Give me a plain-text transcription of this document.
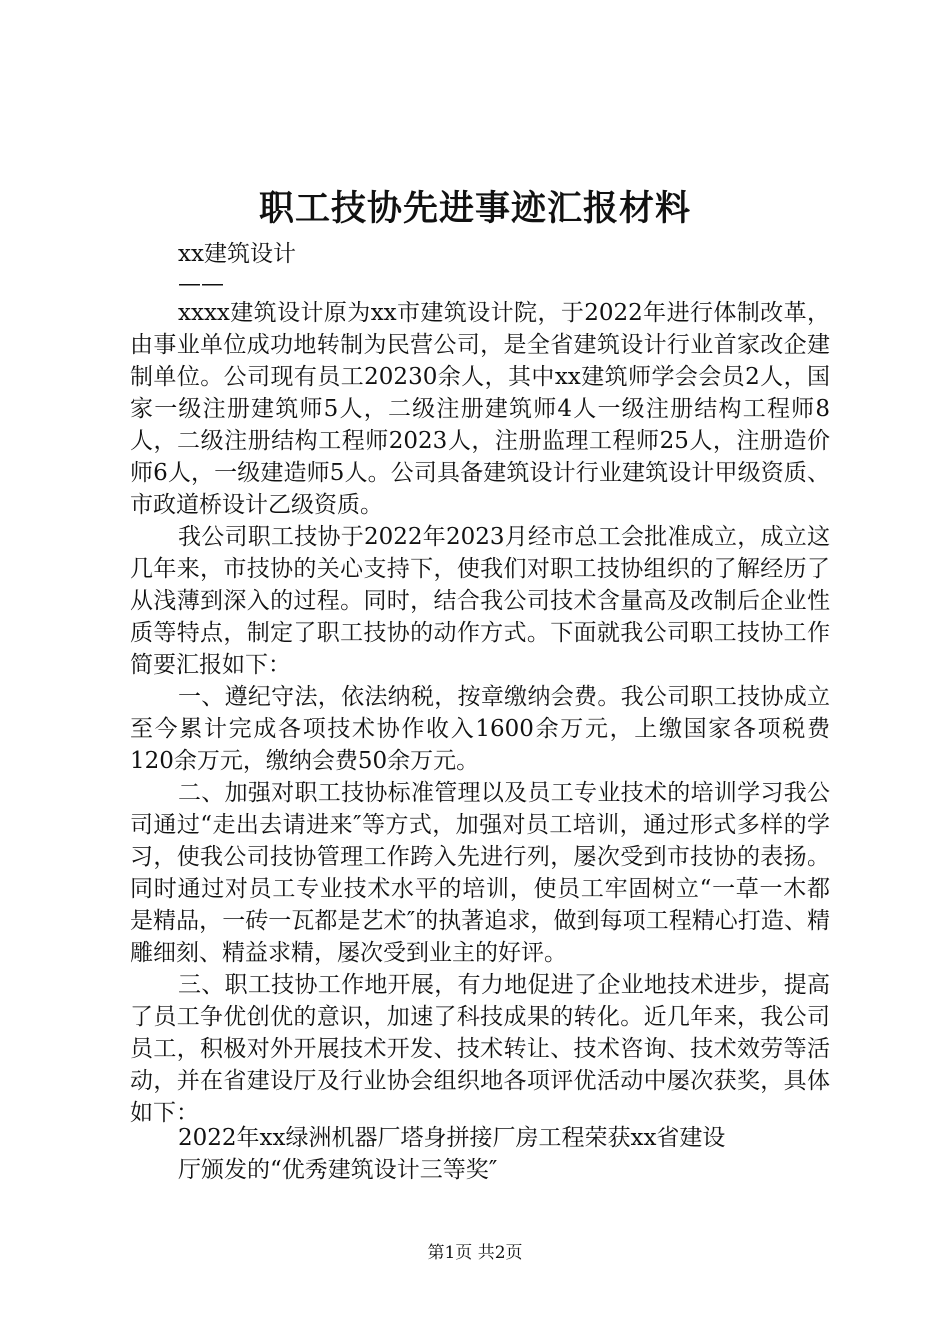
职工技协先进事迹汇报材料
xx建筑设计
——

xxxx建筑设计原为xx市建筑设计院，于2022年进行体制改革，由事业单位成功地转制为民营公司，是全省建筑设计行业首家改企建制单位。公司现有员工20230余人，其中xx建筑师学会会员2人，国家一级注册建筑师5人，二级注册建筑师4人一级注册结构工程师8人，二级注册结构工程师2023人，注册监理工程师25人，注册造价师6人，一级建造师5人。公司具备建筑设计行业建筑设计甲级资质、市政道桥设计乙级资质。

我公司职工技协于2022年2023月经市总工会批准成立，成立这几年来，市技协的关心支持下，使我们对职工技协组织的了解经历了从浅薄到深入的过程。同时，结合我公司技术含量高及改制后企业性质等特点，制定了职工技协的动作方式。下面就我公司职工技协工作简要汇报如下：

一、遵纪守法，依法纳税，按章缴纳会费。我公司职工技协成立至今累计完成各项技术协作收入1600余万元，上缴国家各项税费120余万元，缴纳会费50余万元。

二、加强对职工技协标准管理以及员工专业技术的培训学习我公司通过“走出去请进来″等方式，加强对员工培训，通过形式多样的学习，使我公司技协管理工作跨入先进行列，屡次受到市技协的表扬。同时通过对员工专业技术水平的培训，使员工牢固树立“一草一木都是精品，一砖一瓦都是艺术″的执著追求，做到每项工程精心打造、精雕细刻、精益求精，屡次受到业主的好评。

三、职工技协工作地开展，有力地促进了企业地技术进步，提高了员工争优创优的意识，加速了科技成果的转化。近几年来，我公司员工，积极对外开展技术开发、技术转让、技术咨询、技术效劳等活动，并在省建设厅及行业协会组织地各项评优活动中屡次获奖，具体如下：

2022年xx绿洲机器厂塔身拼接厂房工程荣获xx省建设
厅颁发的“优秀建筑设计三等奖″
第1页 共2页
